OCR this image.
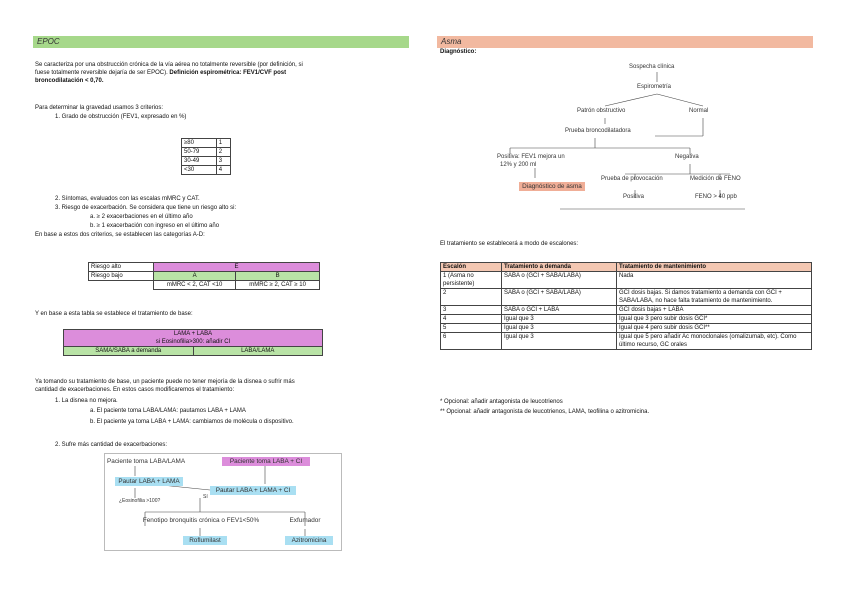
EPOC
Se caracteriza por una obstrucción crónica de la vía aérea no totalmente reversible (por definición, si
fuese totalmente reversible dejaría de ser EPOC). Definición espirométrica: FEV1/CVF post
broncodilatación < 0,70.
Para determinar la gravedad usamos 3 criterios:
1. Grado de obstrucción (FEV1, expresado en %)
≥80	1
50-79	2
30-49	3
<30	4
2. Síntomas, evaluados con las escalas mMRC y CAT.
3. Riesgo de exacerbación. Se considera que tiene un riesgo alto si:
a. ≥ 2 exacerbaciones en el último año
b. ≥ 1 exacerbación con ingreso en el último año
En base a estos dos criterios, se establecen las categorías A-D:
Riesgo alto	E	
Riesgo bajo	A	B
	mMRC < 2, CAT <10	mMRC ≥ 2, CAT ≥ 10
Y en base a esta tabla se establece el tratamiento de base:
LAMA + LABA
si Eosinofilia>300: añadir CI

SAMA/SABA a demanda	LABA/LAMA
Ya tomando su tratamiento de base, un paciente puede no tener mejoría de la disnea o sufrir más
cantidad de exacerbaciones. En estos casos modificaremos el tratamiento:
1. La disnea no mejora.
a. El paciente toma LABA/LAMA: pautamos LABA + LAMA
b. El paciente ya toma LABA + LAMA: cambiamos de molécula o dispositivo.
2. Sufre más cantidad de exacerbaciones:
Paciente toma LABA/LAMA	Paciente toma LABA + CI
Pautar LABA + LAMA
Pautar LABA + LAMA + CI
¿Eosinofilia >100?
Sí
Fenotipo bronquitis crónica o FEV1<50%	Exfumador
Roflumilast	Azitromicina
Asma
Diagnóstico:
Sospecha clínica
Espirometría
Patrón obstructivo	Normal
Prueba broncodilatadora
Positiva: FEV1 mejora un
12% y 200 ml
Negativa
Diagnóstico de asma
Prueba de provocación	Medición de FENO
Positiva	FENO > 40 ppb
El tratamiento se establecerá a modo de escalones:
Escalón	Tratamiento a demanda	Tratamiento de mantenimiento
1 (Asma no persistente)	SABA o (GCI + SABA/LABA)	Nada
2	SABA o (GCI + SABA/LABA)	GCI dosis bajas. Si damos tratamiento a demanda con GCI + SABA/LABA, no hace falta tratamiento de mantenimiento.
3	SABA o GCI + LABA	GCI dosis bajas + LABA
4	Igual que 3	Igual que 3 pero subir dosis GCI*
5	Igual que 3	Igual que 4 pero subir dosis GCI**
6	Igual que 3	Igual que 5 pero añadir Ac monoclonales (omalizumab, etc). Como último recurso, GC orales
* Opcional: añadir antagonista de leucotrienos
** Opcional: añadir antagonista de leucotrienos, LAMA, teofilina o azitromicina.
